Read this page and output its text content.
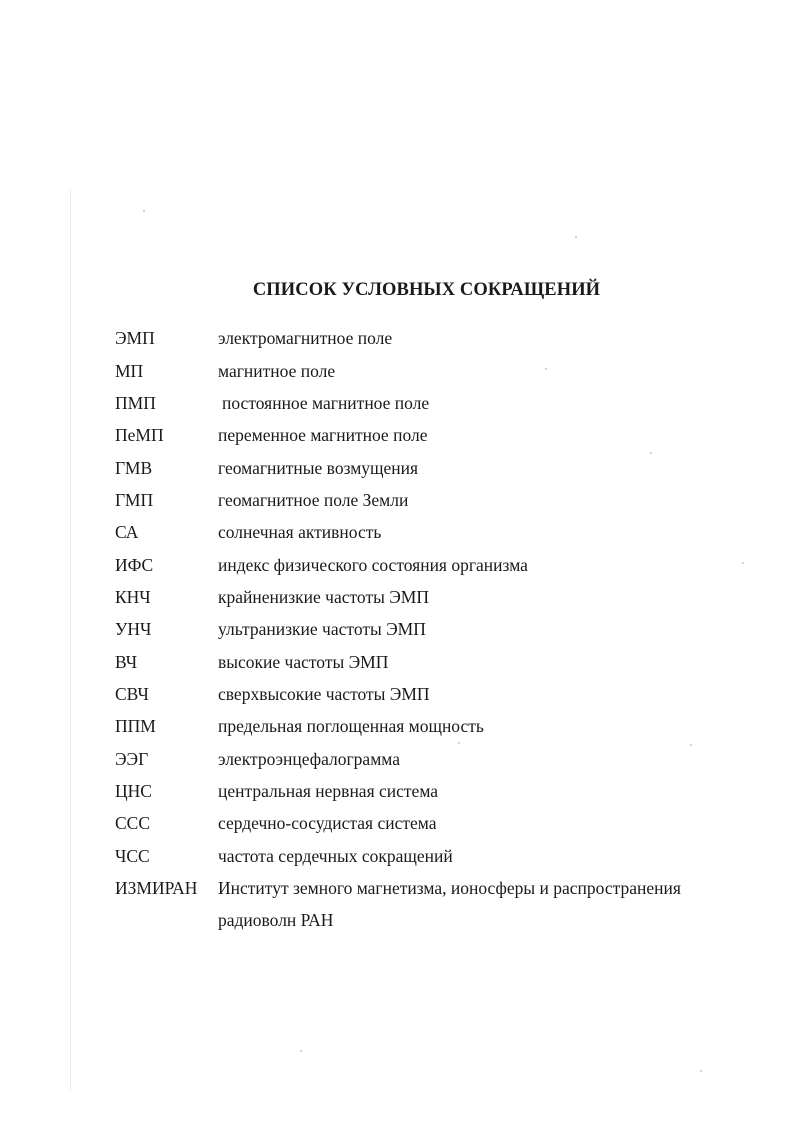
СПИСОК УСЛОВНЫХ СОКРАЩЕНИЙ
ЭМП	электромагнитное поле
МП	магнитное поле
ПМП	постоянное магнитное поле
ПеМП	переменное магнитное поле
ГМВ	геомагнитные возмущения
ГМП	геомагнитное поле Земли
СА	солнечная активность
ИФС	индекс физического состояния организма
КНЧ	крайненизкие частоты ЭМП
УНЧ	ультранизкие частоты ЭМП
ВЧ	высокие частоты ЭМП
СВЧ	сверхвысокие частоты ЭМП
ППМ	предельная поглощенная мощность
ЭЭГ	электроэнцефалограмма
ЦНС	центральная нервная система
ССС	сердечно-сосудистая система
ЧСС	частота сердечных сокращений
ИЗМИРАН	Институт земного магнетизма, ионосферы и распространения
радиоволн РАН
